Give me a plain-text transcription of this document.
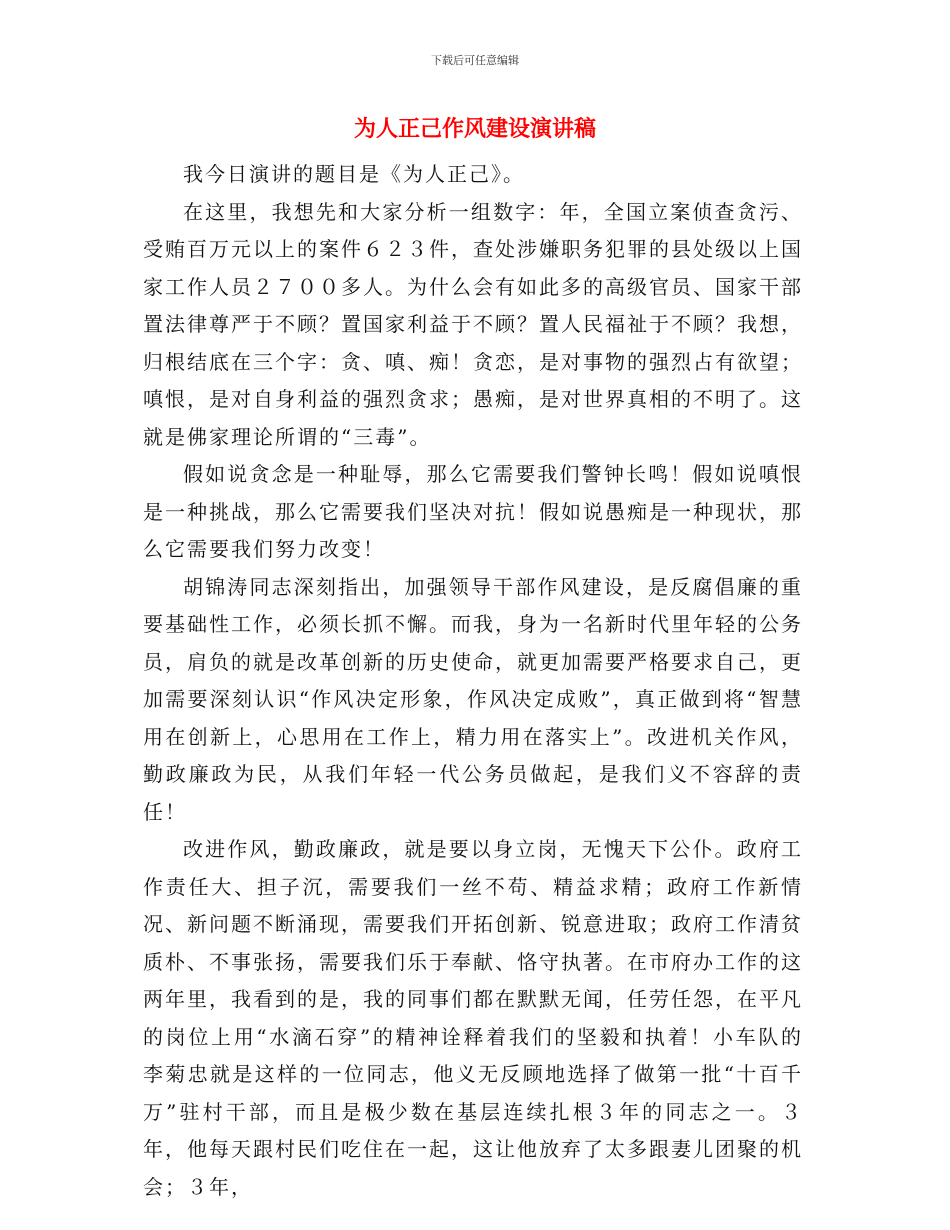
下载后可任意编辑
为人正己作风建设演讲稿

我今日演讲的题目是《为人正己》。

在这里，我想先和大家分析一组数字：年，全国立案侦查贪污、受贿百万元以上的案件６２３件，查处涉嫌职务犯罪的县处级以上国家工作人员２７００多人。为什么会有如此多的高级官员、国家干部置法律尊严于不顾？置国家利益于不顾？置人民福祉于不顾？我想，归根结底在三个字：贪、嗔、痴！贪恋，是对事物的强烈占有欲望；嗔恨，是对自身利益的强烈贪求；愚痴，是对世界真相的不明了。这就是佛家理论所谓的“三毒”。

假如说贪念是一种耻辱，那么它需要我们警钟长鸣！假如说嗔恨是一种挑战，那么它需要我们坚决对抗！假如说愚痴是一种现状，那么它需要我们努力改变！

胡锦涛同志深刻指出，加强领导干部作风建设，是反腐倡廉的重要基础性工作，必须长抓不懈。而我，身为一名新时代里年轻的公务员，肩负的就是改革创新的历史使命，就更加需要严格要求自己，更加需要深刻认识“作风决定形象，作风决定成败”，真正做到将“智慧用在创新上，心思用在工作上，精力用在落实上”。改进机关作风，勤政廉政为民，从我们年轻一代公务员做起，是我们义不容辞的责任！

改进作风，勤政廉政，就是要以身立岗，无愧天下公仆。政府工作责任大、担子沉，需要我们一丝不苟、精益求精；政府工作新情况、新问题不断涌现，需要我们开拓创新、锐意进取；政府工作清贫质朴、不事张扬，需要我们乐于奉献、恪守执著。在市府办工作的这两年里，我看到的是，我的同事们都在默默无闻，任劳任怨，在平凡的岗位上用“水滴石穿”的精神诠释着我们的坚毅和执着！小车队的李菊忠就是这样的一位同志，他义无反顾地选择了做第一批“十百千万”驻村干部，而且是极少数在基层连续扎根３年的同志之一。３年，他每天跟村民们吃住在一起，这让他放弃了太多跟妻儿团聚的机会；３年，
